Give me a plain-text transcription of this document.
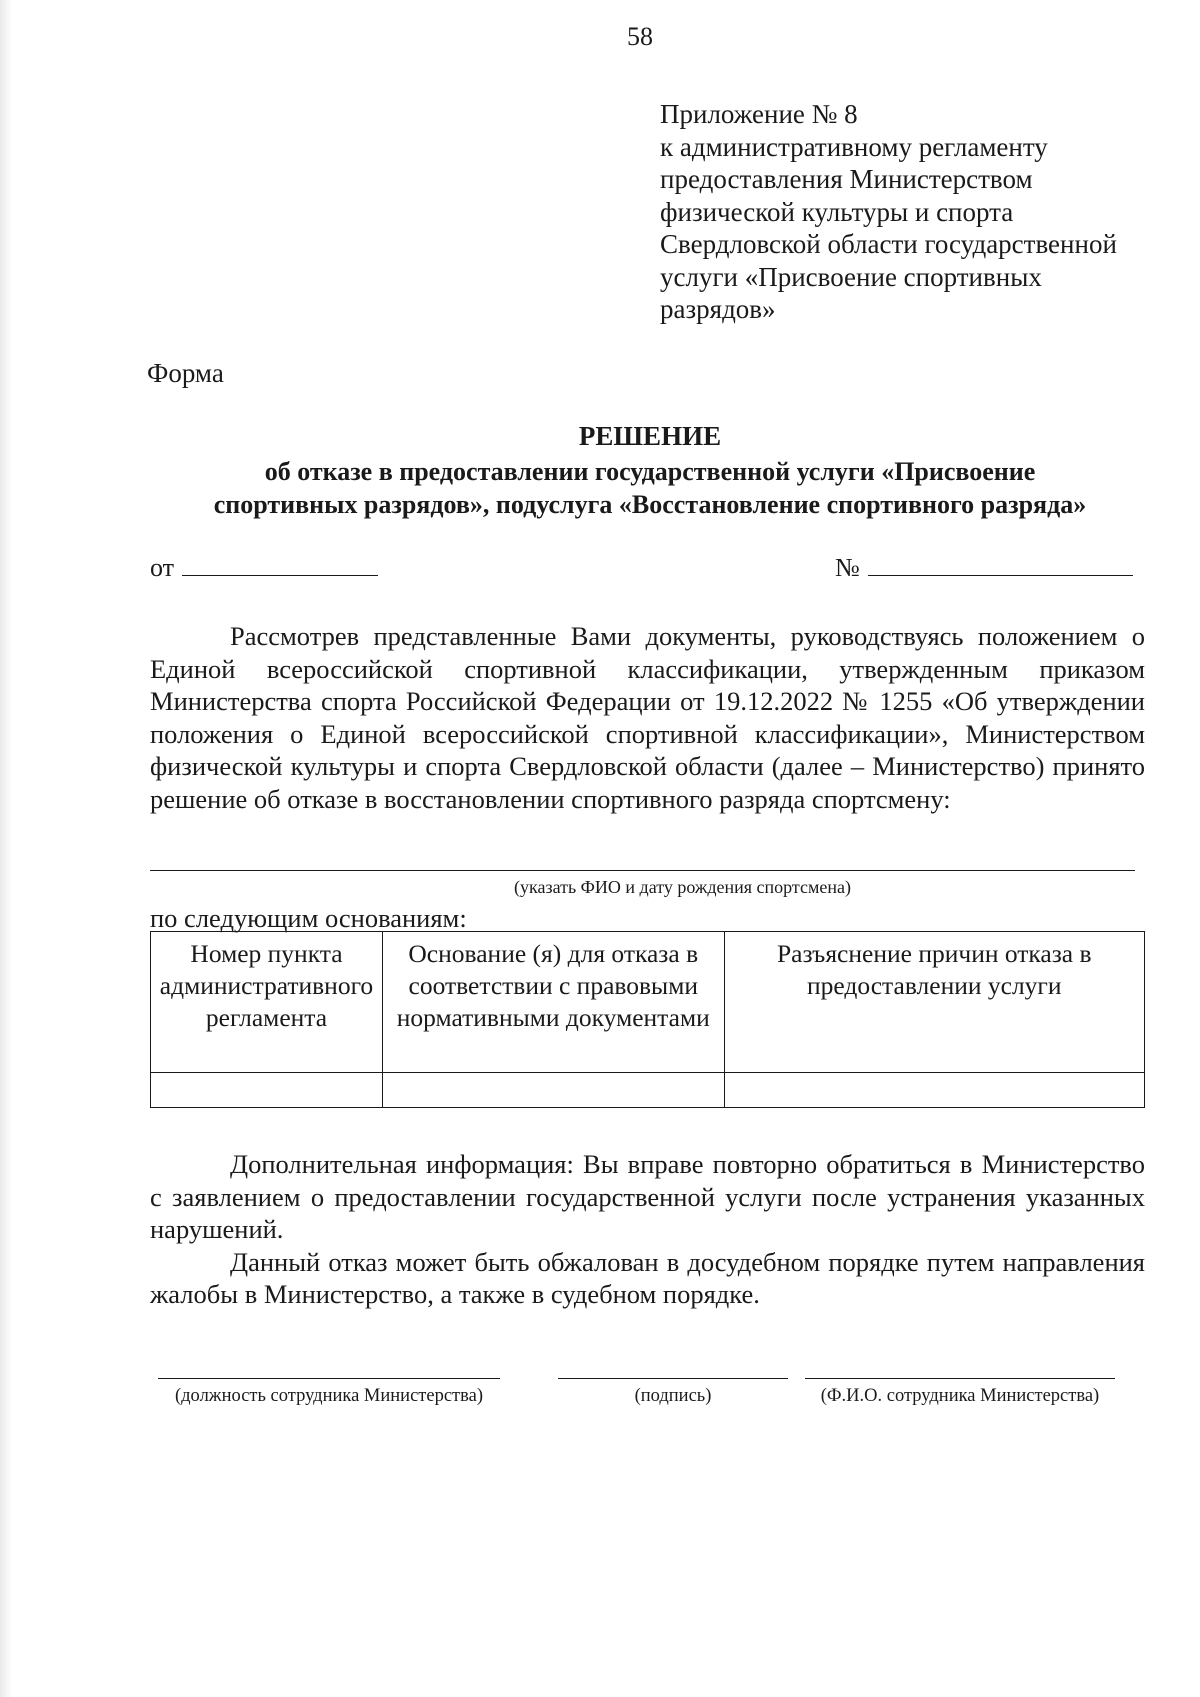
58
Приложение № 8
к административному регламенту
предоставления Министерством
физической культуры и спорта
Свердловской области государственной
услуги «Присвоение спортивных
разрядов»
Форма
РЕШЕНИЕ
об отказе в предоставлении государственной услуги «Присвоение
спортивных разрядов», подуслуга «Восстановление спортивного разряда»
от	№

Рассмотрев представленные Вами документы, руководствуясь положением о Единой всероссийской спортивной классификации, утвержденным приказом Министерства спорта Российской Федерации от 19.12.2022 № 1255 «Об утверждении положения о Единой всероссийской спортивной классификации», Министерством физической культуры и спорта Свердловской области (далее – Министерство) принято решение об отказе в восстановлении спортивного разряда спортсмену:

(указать ФИО и дату рождения спортсмена)
по следующим основаниям:
Номер пункта административного регламента	Основание (я) для отказа в соответствии с правовыми нормативными документами	Разъяснение причин отказа в предоставлении услуги

Дополнительная информация: Вы вправе повторно обратиться в Министерство с заявлением о предоставлении государственной услуги после устранения указанных нарушений.

Данный отказ может быть обжалован в досудебном порядке путем направления жалобы в Министерство, а также в судебном порядке.

(должность сотрудника Министерства)	(подпись)	(Ф.И.О. сотрудника Министерства)
